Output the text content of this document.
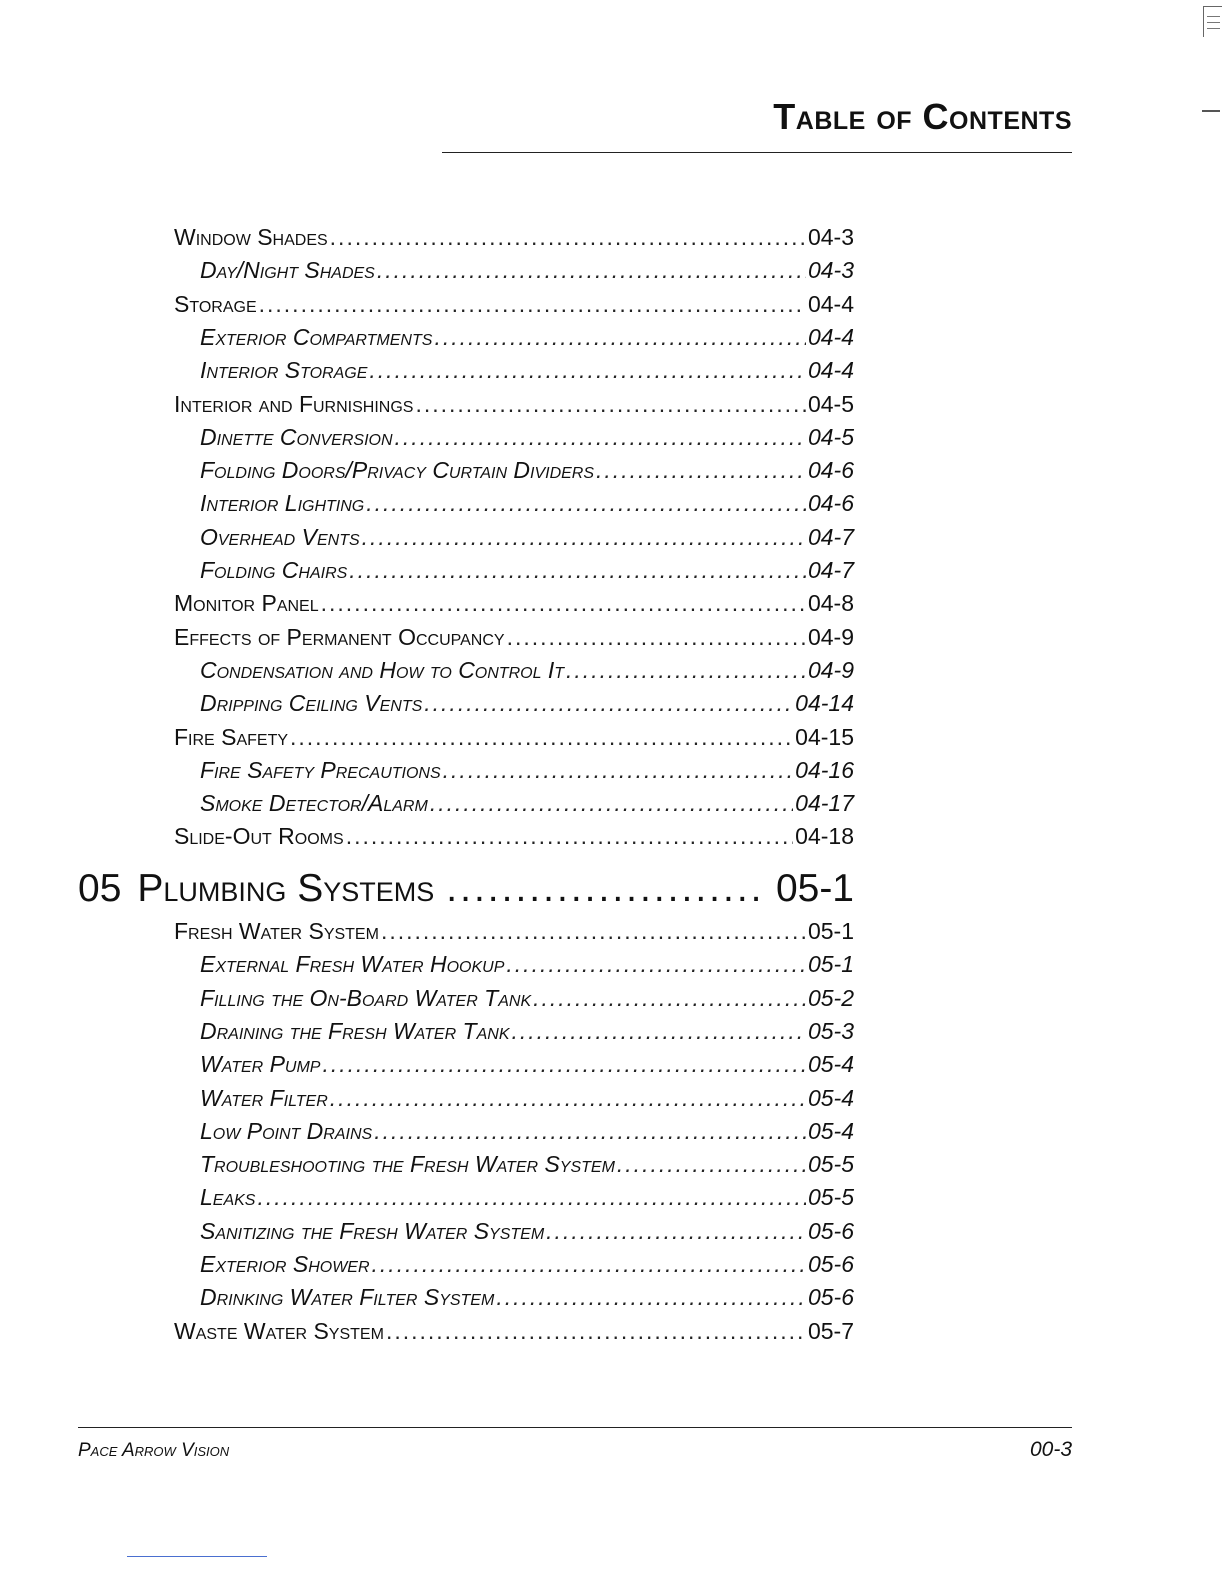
Table of Contents
Window Shades .....	04-3
Day/Night Shades .....	04-3
Storage .....	04-4
Exterior Compartments .....	04-4
Interior Storage .....	04-4
Interior and Furnishings .....	04-5
Dinette Conversion .....	04-5
Folding Doors/Privacy Curtain Dividers .....	04-6
Interior Lighting .....	04-6
Overhead Vents .....	04-7
Folding Chairs .....	04-7
Monitor Panel .....	04-8
Effects of Permanent Occupancy .....	04-9
Condensation and How to Control It .....	04-9
Dripping Ceiling Vents .....	04-14
Fire Safety .....	04-15
Fire Safety Precautions .....	04-16
Smoke Detector/Alarm .....	04-17
Slide-Out Rooms .....	04-18
05 Plumbing Systems .....	05-1
Fresh Water System .....	05-1
External Fresh Water Hookup .....	05-1
Filling the On-Board Water Tank .....	05-2
Draining the Fresh Water Tank .....	05-3
Water Pump .....	05-4
Water Filter .....	05-4
Low Point Drains .....	05-4
Troubleshooting the Fresh Water System .....	05-5
Leaks .....	05-5
Sanitizing the Fresh Water System .....	05-6
Exterior Shower .....	05-6
Drinking Water Filter System .....	05-6
Waste Water System .....	05-7
Pace Arrow Vision	00-3
